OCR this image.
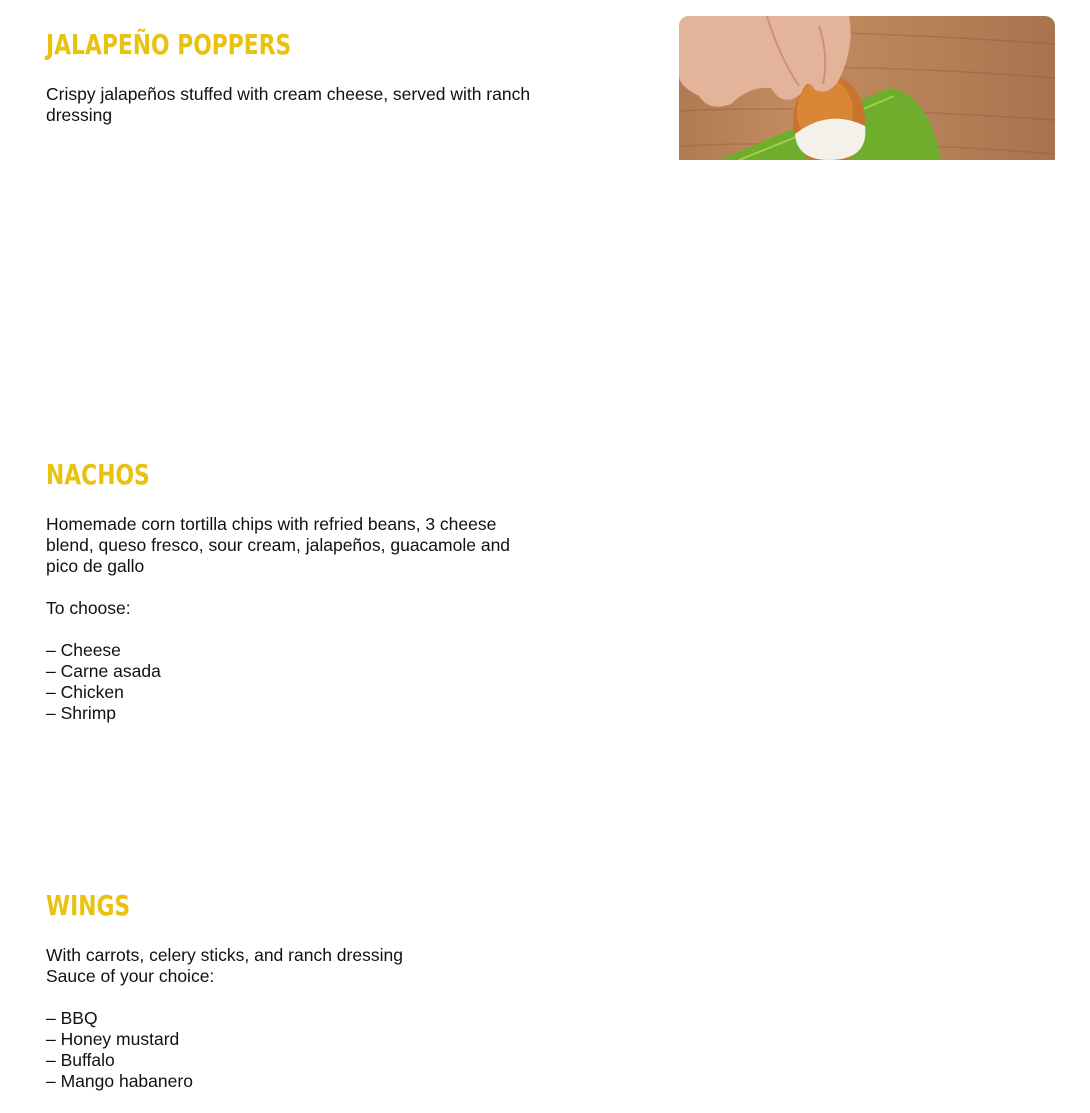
JALAPEÑO POPPERS

Crispy jalapeños stuffed with cream cheese, served with ranch dressing

NACHOS

Homemade corn tortilla chips with refried beans, 3 cheese blend, queso fresco, sour cream, jalapeños, guacamole and pico de gallo

To choose:

– Cheese
– Carne asada
– Chicken
– Shrimp

WINGS

With carrots, celery sticks, and ranch dressing
Sauce of your choice:

– BBQ
– Honey mustard
– Buffalo
– Mango habanero
